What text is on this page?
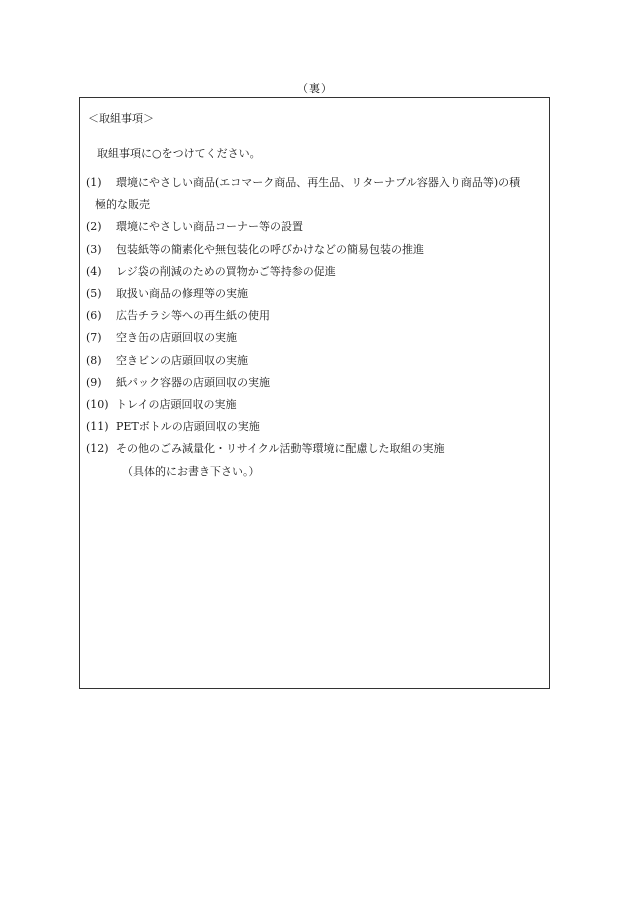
（裏）
＜取組事項＞
取組事項に○をつけてください。
(1) 環境にやさしい商品(エコマーク商品、再生品、リターナブル容器入り商品等)の積
極的な販売
(2) 環境にやさしい商品コーナー等の設置
(3) 包装紙等の簡素化や無包装化の呼びかけなどの簡易包装の推進
(4) レジ袋の削減のための買物かご等持参の促進
(5) 取扱い商品の修理等の実施
(6) 広告チラシ等への再生紙の使用
(7) 空き缶の店頭回収の実施
(8) 空きビンの店頭回収の実施
(9) 紙パック容器の店頭回収の実施
(10) トレイの店頭回収の実施
(11) PETボトルの店頭回収の実施
(12) その他のごみ減量化・リサイクル活動等環境に配慮した取組の実施
（具体的にお書き下さい。）
